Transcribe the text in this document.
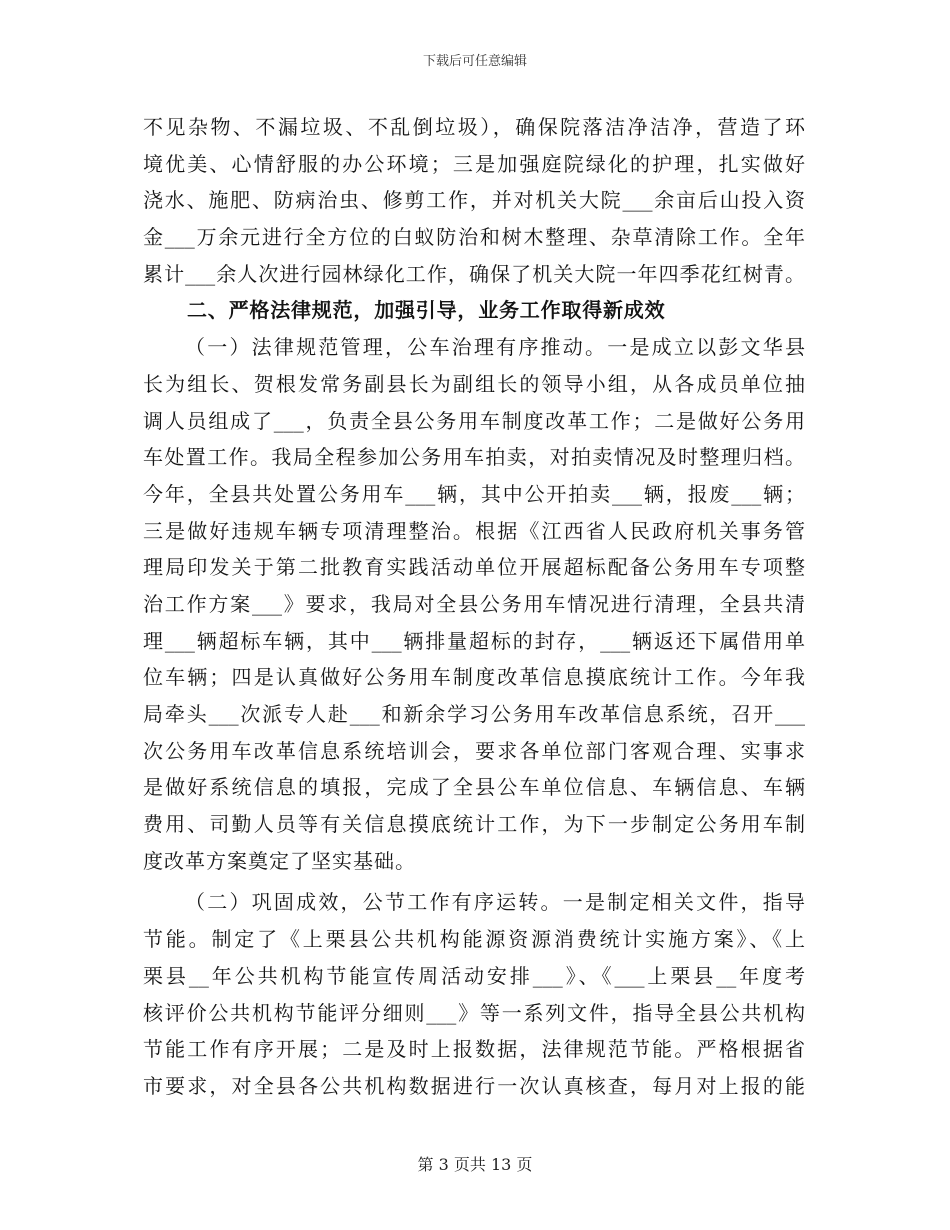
下载后可任意编辑
不见杂物、不漏垃圾、不乱倒垃圾），确保院落洁净洁净，营造了环
境优美、心情舒服的办公环境；三是加强庭院绿化的护理，扎实做好
浇水、施肥、防病治虫、修剪工作，并对机关大院___余亩后山投入资
金___万余元进行全方位的白蚁防治和树木整理、杂草清除工作。全年
累计___余人次进行园林绿化工作，确保了机关大院一年四季花红树青。
二、严格法律规范，加强引导，业务工作取得新成效
（一）法律规范管理，公车治理有序推动。一是成立以彭文华县
长为组长、贺根发常务副县长为副组长的领导小组，从各成员单位抽
调人员组成了___，负责全县公务用车制度改革工作；二是做好公务用
车处置工作。我局全程参加公务用车拍卖，对拍卖情况及时整理归档。
今年，全县共处置公务用车___辆，其中公开拍卖___辆，报废___辆；
三是做好违规车辆专项清理整治。根据《江西省人民政府机关事务管
理局印发关于第二批教育实践活动单位开展超标配备公务用车专项整
治工作方案___》要求，我局对全县公务用车情况进行清理，全县共清
理___辆超标车辆，其中___辆排量超标的封存，___辆返还下属借用单
位车辆；四是认真做好公务用车制度改革信息摸底统计工作。今年我
局牵头___次派专人赴___和新余学习公务用车改革信息系统，召开___
次公务用车改革信息系统培训会，要求各单位部门客观合理、实事求
是做好系统信息的填报，完成了全县公车单位信息、车辆信息、车辆
费用、司勤人员等有关信息摸底统计工作，为下一步制定公务用车制
度改革方案奠定了坚实基础。
（二）巩固成效，公节工作有序运转。一是制定相关文件，指导
节能。制定了《上栗县公共机构能源资源消费统计实施方案》、《上
栗县__年公共机构节能宣传周活动安排___》、《___上栗县__年度考
核评价公共机构节能评分细则___》等一系列文件，指导全县公共机构
节能工作有序开展；二是及时上报数据，法律规范节能。严格根据省
市要求，对全县各公共机构数据进行一次认真核查，每月对上报的能
第 3 页共 13 页
